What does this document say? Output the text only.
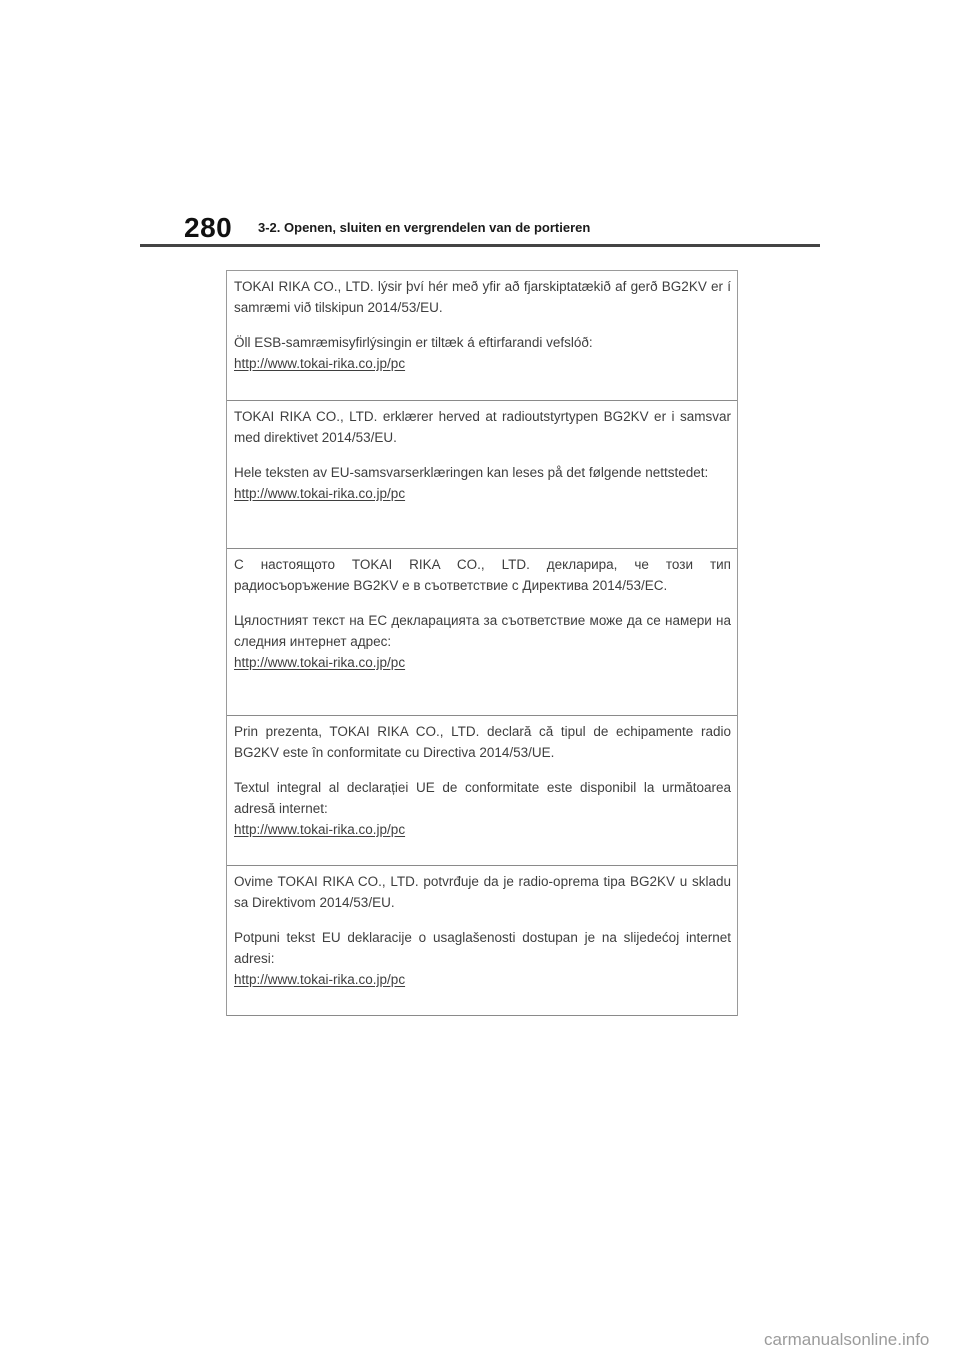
280 3-2. Openen, sluiten en vergrendelen van de portieren

TOKAI RIKA CO., LTD. lýsir því hér með yfir að fjarskiptatækið af gerð BG2KV er í samræmi við tilskipun 2014/53/EU.

Öll ESB-samræmisyfirlýsingin er tiltæk á eftirfarandi vefslóð:

http://www.tokai-rika.co.jp/pc

TOKAI RIKA CO., LTD. erklærer herved at radioutstyrtypen BG2KV er i samsvar med direktivet 2014/53/EU.

Hele teksten av EU-samsvarserklæringen kan leses på det følgende nettstedet:

http://www.tokai-rika.co.jp/pc

С настоящото TOKAI RIKA CO., LTD. декларира, че този тип радиосъоръжение BG2KV е в съответствие с Директива 2014/53/ЕС.

Цялостният текст на ЕС декларацията за съответствие може да се намери на следния интернет адрес:

http://www.tokai-rika.co.jp/pc

Prin prezenta, TOKAI RIKA CO., LTD. declară că tipul de echipamente radio BG2KV este în conformitate cu Directiva 2014/53/UE.

Textul integral al declarației UE de conformitate este disponibil la următoarea adresă internet:

http://www.tokai-rika.co.jp/pc

Ovime TOKAI RIKA CO., LTD. potvrđuje da je radio-oprema tipa BG2KV u skladu sa Direktivom 2014/53/EU.

Potpuni tekst EU deklaracije o usaglašenosti dostupan je na slijedećoj internet adresi:

http://www.tokai-rika.co.jp/pc
carmanualsonline.info
